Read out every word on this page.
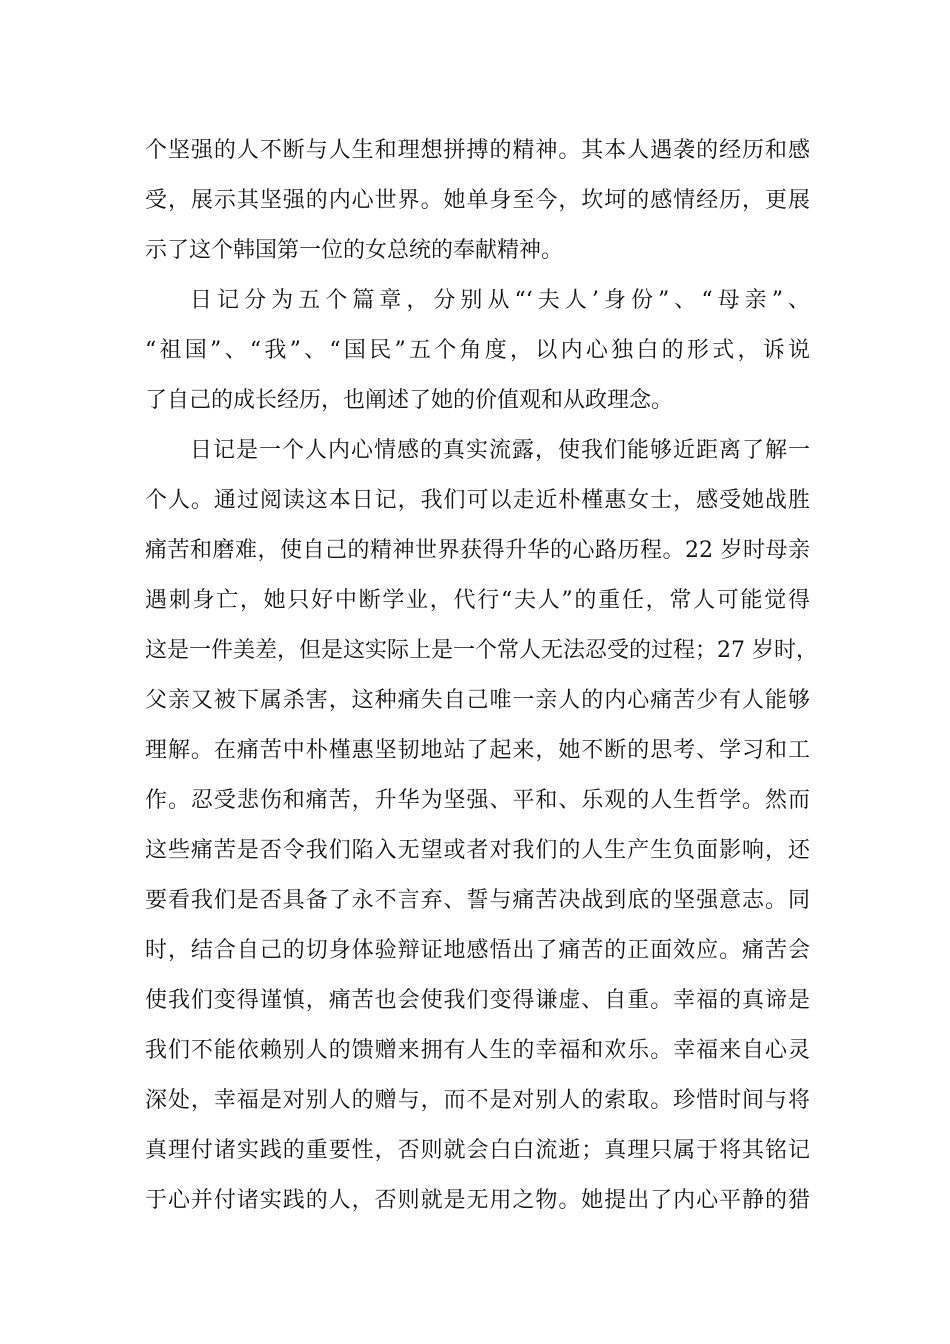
个坚强的人不断与人生和理想拼搏的精神。其本人遇袭的经历和感
受，展示其坚强的内心世界。她单身至今，坎坷的感情经历，更展
示了这个韩国第一位的女总统的奉献精神。
日记分为五个篇章，分别从“‘夫人’身份”、“母亲”、
“祖国”、“我”、“国民”五个角度，以内心独白的形式，诉说
了自己的成长经历，也阐述了她的价值观和从政理念。
日记是一个人内心情感的真实流露，使我们能够近距离了解一
个人。通过阅读这本日记，我们可以走近朴槿惠女士，感受她战胜
痛苦和磨难，使自己的精神世界获得升华的心路历程。22 岁时母亲
遇刺身亡，她只好中断学业，代行“夫人”的重任，常人可能觉得
这是一件美差，但是这实际上是一个常人无法忍受的过程；27 岁时，
父亲又被下属杀害，这种痛失自己唯一亲人的内心痛苦少有人能够
理解。在痛苦中朴槿惠坚韧地站了起来，她不断的思考、学习和工
作。忍受悲伤和痛苦，升华为坚强、平和、乐观的人生哲学。然而
这些痛苦是否令我们陷入无望或者对我们的人生产生负面影响，还
要看我们是否具备了永不言弃、誓与痛苦决战到底的坚强意志。同
时，结合自己的切身体验辩证地感悟出了痛苦的正面效应。痛苦会
使我们变得谨慎，痛苦也会使我们变得谦虚、自重。幸福的真谛是
我们不能依赖别人的馈赠来拥有人生的幸福和欢乐。幸福来自心灵
深处，幸福是对别人的赠与，而不是对别人的索取。珍惜时间与将
真理付诸实践的重要性，否则就会白白流逝；真理只属于将其铭记
于心并付诸实践的人，否则就是无用之物。她提出了内心平静的猎
